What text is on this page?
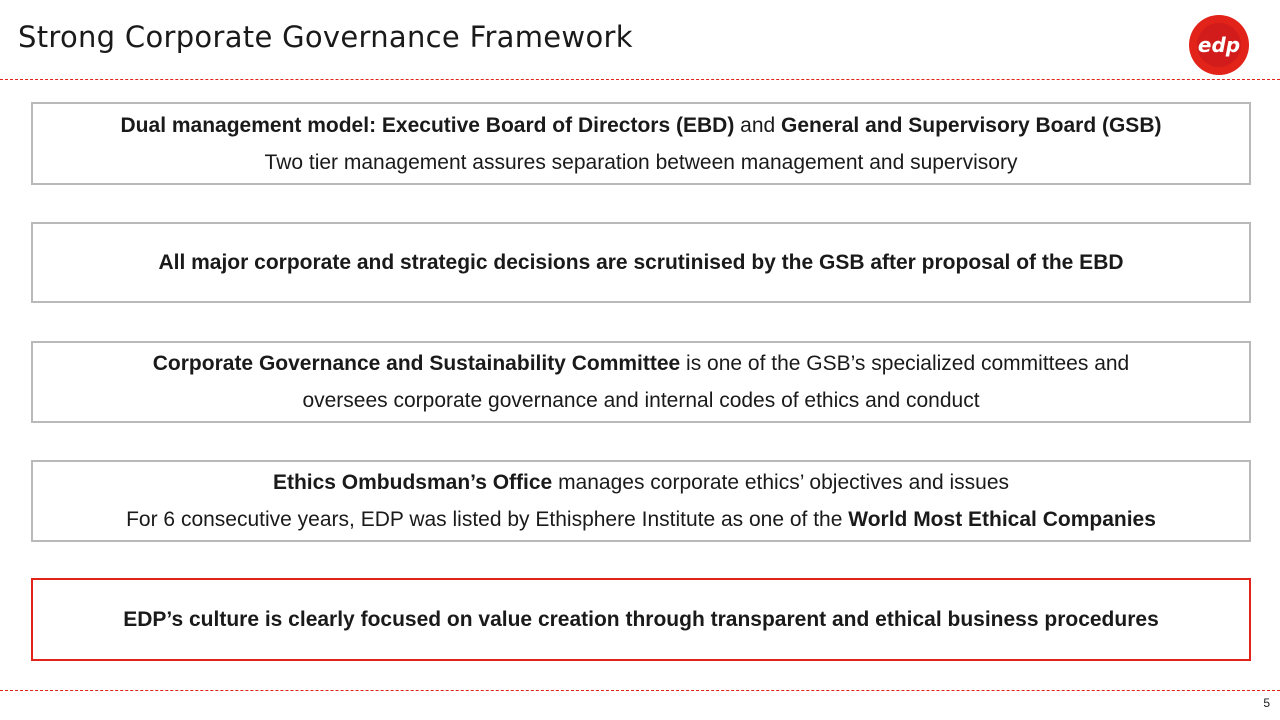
Strong Corporate Governance Framework	edp
Dual management model: Executive Board of Directors (EBD) and General and Supervisory Board (GSB)
Two tier management assures separation between management and supervisory
All major corporate and strategic decisions are scrutinised by the GSB after proposal of the EBD
Corporate Governance and Sustainability Committee is one of the GSB’s specialized committees and
oversees corporate governance and internal codes of ethics and conduct
Ethics Ombudsman’s Office manages corporate ethics’ objectives and issues
For 6 consecutive years, EDP was listed by Ethisphere Institute as one of the World Most Ethical Companies
EDP’s culture is clearly focused on value creation through transparent and ethical business procedures
5
